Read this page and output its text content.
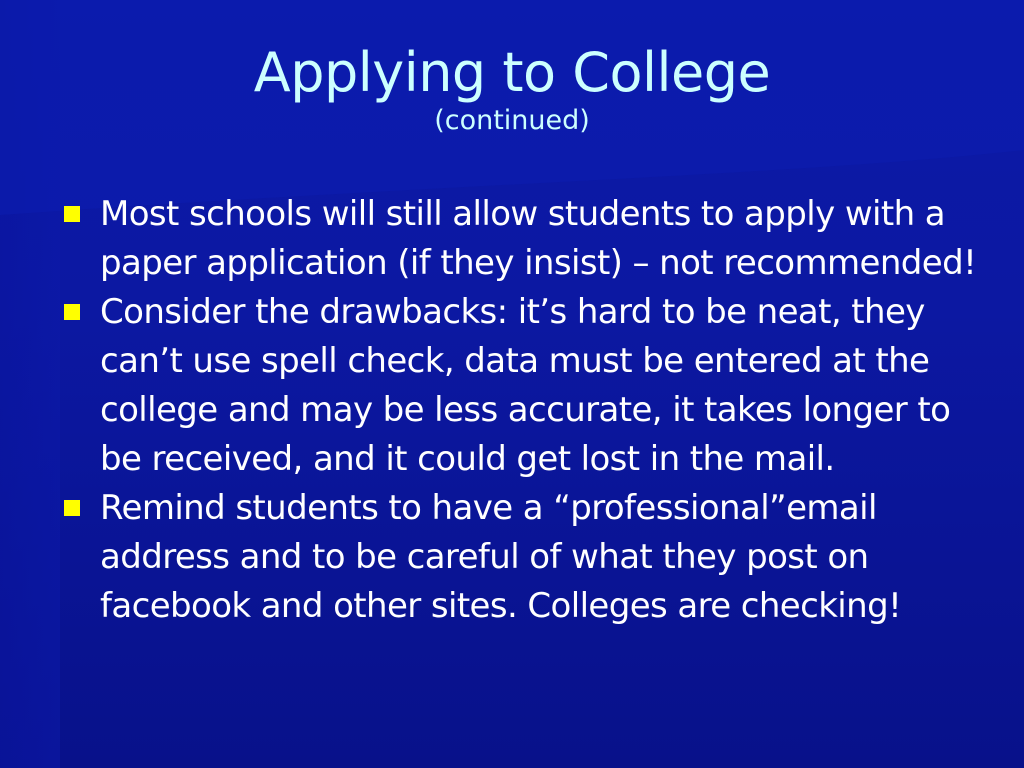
Applying to College
(continued)
Most schools will still allow students to apply with a paper application (if they insist) – not recommended!
Consider the drawbacks: it’s hard to be neat, they can’t use spell check, data must be entered at the college and may be less accurate, it takes longer to be received, and it could get lost in the mail.
Remind students to have a “professional”email address and to be careful of what they post on facebook and other sites. Colleges are checking!
